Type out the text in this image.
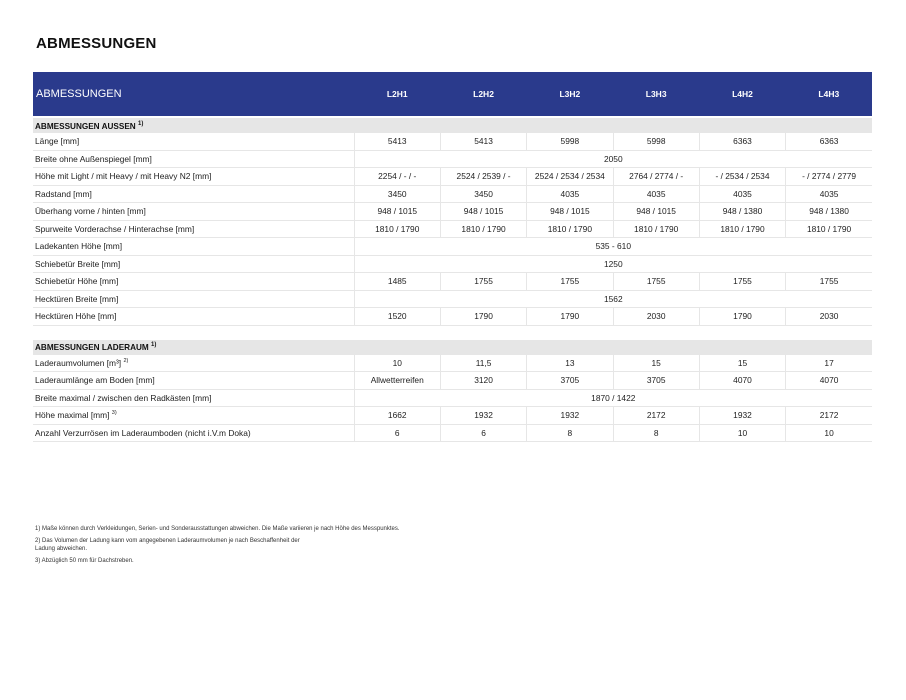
ABMESSUNGEN
ABMESSUNGEN	L2H1	L2H2	L3H2	L3H3	L4H2	L4H3

ABMESSUNGEN AUSSEN $^{1)}$
Länge [mm]	5413	5413	5998	5998	6363	6363
Breite ohne Außenspiegel [mm]	2050					
Höhe mit Light / mit Heavy / mit Heavy N2 [mm]	2254 / - / -	2524 / 2539 / -	2524 / 2534 / 2534	2764 / 2774 / -	- / 2534 / 2534	- / 2774 / 2779
Radstand [mm]	3450	3450	4035	4035	4035	4035
Überhang vorne / hinten [mm]	948 / 1015	948 / 1015	948 / 1015	948 / 1015	948 / 1380	948 / 1380
Spurweite Vorderachse / Hinterachse [mm]	1810 / 1790	1810 / 1790	1810 / 1790	1810 / 1790	1810 / 1790	1810 / 1790
Ladekanten Höhe [mm]	535 - 610					
Schiebetür Breite [mm]	1250					
Schiebetür Höhe [mm]	1485	1755	1755	1755	1755	1755
Hecktüren Breite [mm]	1562					
Hecktüren Höhe [mm]	1520	1790	1790	2030	1790	2030

ABMESSUNGEN LADERAUM $^{1)}$
Laderaumvolumen [m³] $^{2)}$	10	11,5	13	15	15	17
Laderaumlänge am Boden [mm]	Allwetterreifen	3120	3705	3705	4070	4070
Breite maximal / zwischen den Radkästen [mm]	1870 / 1422					
Höhe maximal [mm] $^{3)}$	1662	1932	1932	2172	1932	2172
Anzahl Verzurrösen im Laderaumboden (nicht i.V.m Doka)	6	6	8	8	10	10

1) Maße können durch Verkleidungen, Serien- und Sonderausstattungen abweichen. Die Maße variieren je nach Höhe des Messpunktes.

2) Das Volumen der Ladung kann vom angegebenen Laderaumvolumen je nach Beschaffenheit der

Ladung abweichen.

3) Abzüglich 50 mm für Dachstreben.
